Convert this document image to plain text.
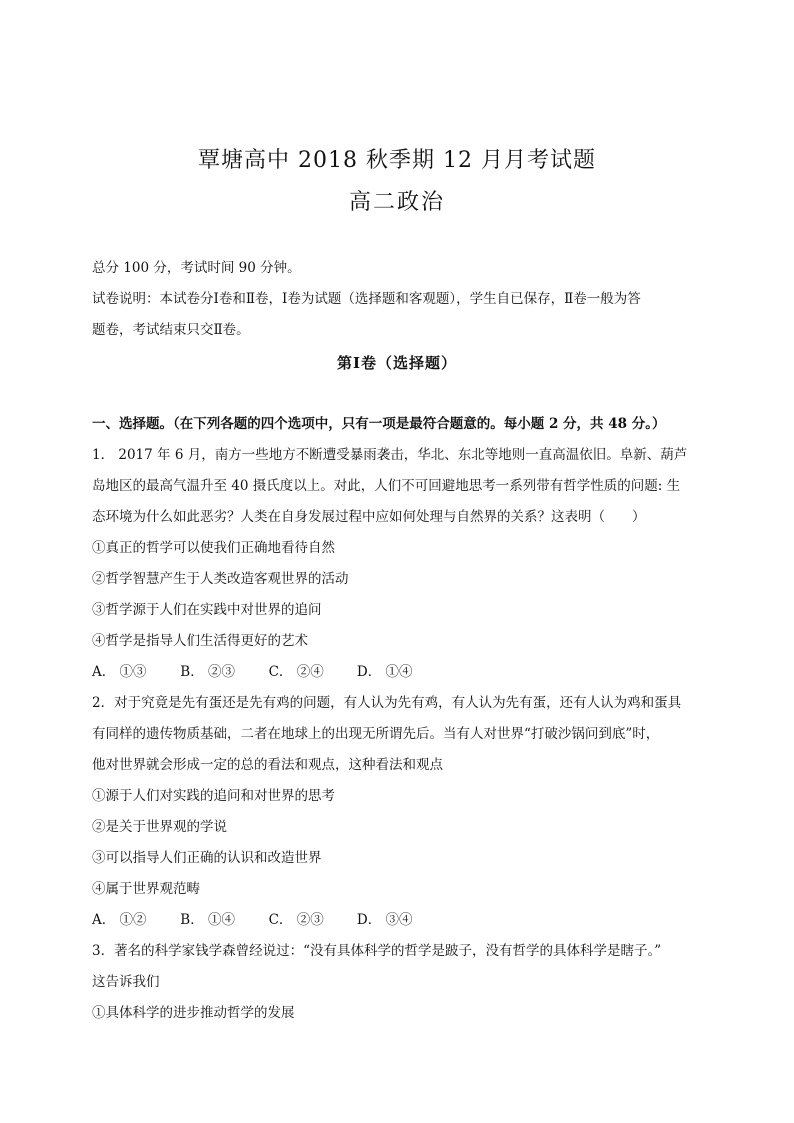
覃塘高中 2018 秋季期 12 月月考试题
高二政治
总分 100 分，考试时间 90 分钟。
试卷说明：本试卷分Ⅰ卷和Ⅱ卷，Ⅰ卷为试题（选择题和客观题），学生自已保存，Ⅱ卷一般为答
题卷，考试结束只交Ⅱ卷。
第Ⅰ卷（选择题）
一、选择题。（在下列各题的四个选项中，只有一项是最符合题意的。每小题 2 分，共 48 分。）
1． 2017 年 6 月，南方一些地方不断遭受暴雨袭击，华北、东北等地则一直高温依旧。阜新、葫芦
岛地区的最高气温升至 40 摄氏度以上。对此，人们不可回避地思考一系列带有哲学性质的问题: 生
态环境为什么如此恶劣？人类在自身发展过程中应如何处理与自然界的关系？这表明（　　）
①真正的哲学可以使我们正确地看待自然
②哲学智慧产生于人类改造客观世界的活动
③哲学源于人们在实践中对世界的追问
④哲学是指导人们生活得更好的艺术
A． ①③	B． ②③ C． ②④ D． ①④
2．对于究竟是先有蛋还是先有鸡的问题，有人认为先有鸡，有人认为先有蛋，还有人认为鸡和蛋具
有同样的遗传物质基础，二者在地球上的出现无所谓先后。当有人对世界“打破沙锅问到底”时，
他对世界就会形成一定的总的看法和观点，这种看法和观点
①源于人们对实践的追问和对世界的思考
②是关于世界观的学说
③可以指导人们正确的认识和改造世界
④属于世界观范畴
A． ①②	B． ①④ C． ②③ D． ③④
3．著名的科学家钱学森曾经说过：“没有具体科学的哲学是跛子，没有哲学的具体科学是瞎子。”
这告诉我们
①具体科学的进步推动哲学的发展
